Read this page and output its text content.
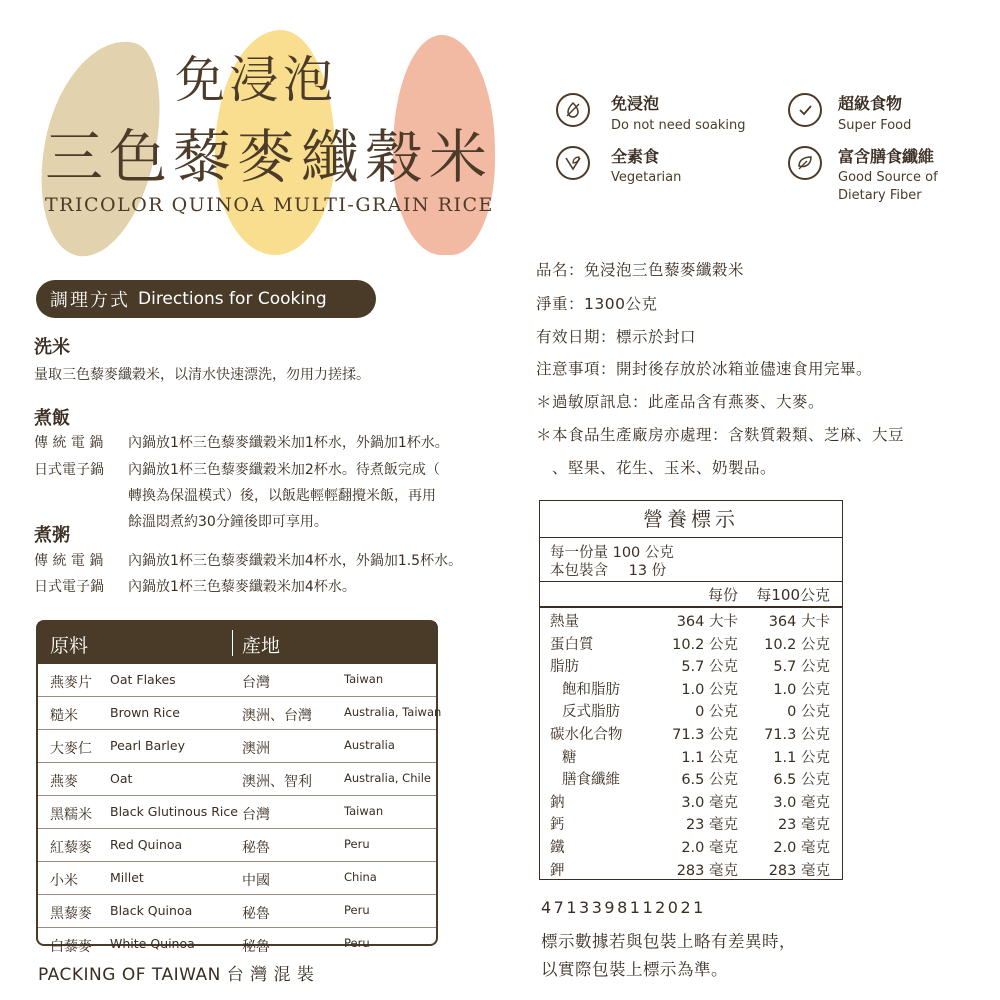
免浸泡
三色藜麥纖穀米
TRICOLOR QUINOA MULTI-GRAIN RICE
免浸泡
Do not need soaking
超級食物
Super Food
全素食
Vegetarian
富含膳食纖維
Good Source of
Dietary Fiber
調理方式 Directions for Cooking
洗米
量取三色藜麥纖穀米，以清水快速漂洗，勿用力搓揉。
煮飯
傳 統 電 鍋 內鍋放1杯三色藜麥纖穀米加1杯水，外鍋加1杯水。
日式電子鍋 內鍋放1杯三色藜麥纖穀米加2杯水。待煮飯完成（
轉換為保溫模式）後，以飯匙輕輕翻攪米飯，再用
餘溫悶煮約30分鐘後即可享用。
煮粥
傳 統 電 鍋 內鍋放1杯三色藜麥纖穀米加4杯水，外鍋加1.5杯水。
日式電子鍋 內鍋放1杯三色藜麥纖穀米加4杯水。
原料	產地
燕麥片 Oat Flakes	台灣	Taiwan
糙米	Brown Rice	澳洲、台灣	Australia, Taiwan
大麥仁 Pearl Barley	澳洲	Australia
燕麥	Oat	澳洲、智利	Australia, Chile
黑糯米 Black Glutinous Rice 台灣	Taiwan
紅藜麥 Red Quinoa	秘魯	Peru
小米	Millet	中國	China
黑藜麥 Black Quinoa	秘魯	Peru
白藜麥 White Quinoa	秘魯	Peru
PACKING OF TAIWAN 台 灣 混 裝
品名：免浸泡三色藜麥纖穀米
淨重：1300公克
有效日期：標示於封口
注意事項：開封後存放於冰箱並儘速食用完畢。
＊過敏原訊息：此產品含有燕麥、大麥。
＊本食品生產廠房亦處理：含麩質穀類、芝麻、大豆
　、堅果、花生、玉米、奶製品。
營養標示
每一份量 100 公克
本包裝含 13 份
每份 每100公克
熱量	364 大卡 364 大卡
蛋白質	10.2 公克 10.2 公克
脂肪	5.7 公克 5.7 公克
飽和脂肪	1.0 公克 1.0 公克
反式脂肪	0 公克	0 公克
碳水化合物	71.3 公克 71.3 公克
糖	1.1 公克 1.1 公克
膳食纖維	6.5 公克 6.5 公克
鈉	3.0 毫克 3.0 毫克
鈣	23 毫克	23 毫克
鐵	2.0 毫克 2.0 毫克
鉀	283 毫克 283 毫克
4713398112021
標示數據若與包裝上略有差異時，
以實際包裝上標示為準。
